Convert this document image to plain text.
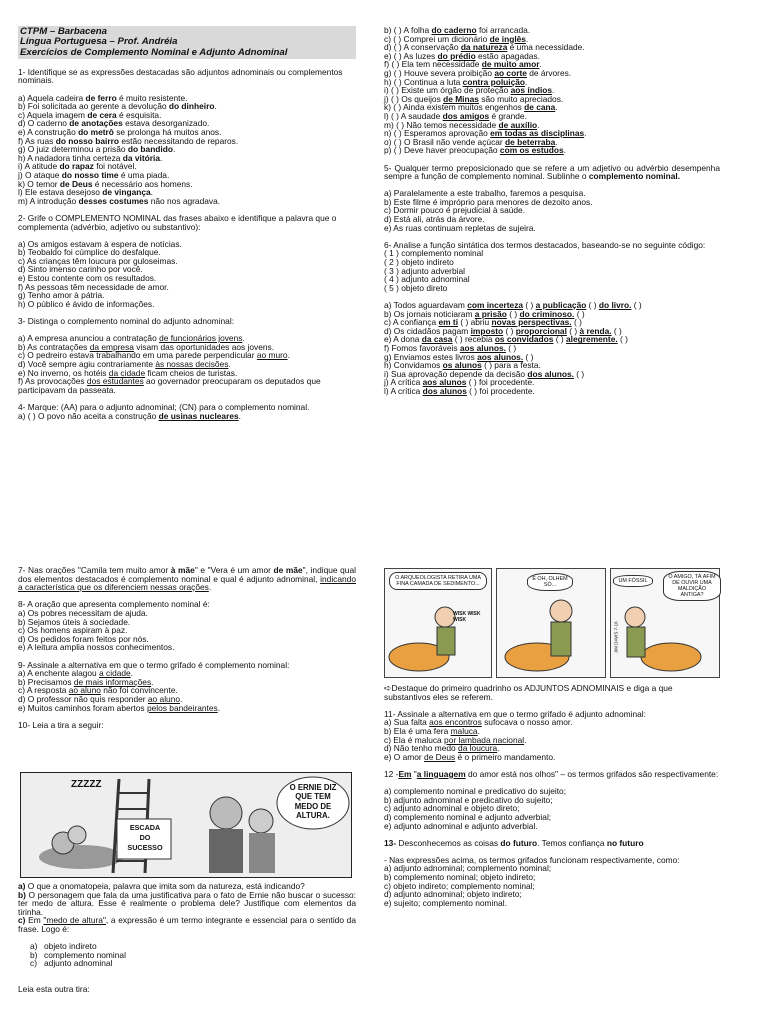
CTPM – Barbacena
Língua Portuguesa – Prof. Andréia
Exercícios de Complemento Nominal e Adjunto Adnominal

1- Identifique se as expressões destacadas são adjuntos adnominais ou complementos nominais.

a) Aquela cadeira de ferro é muito resistente.
b) Foi solicitada ao gerente a devolução do dinheiro.
c) Aquela imagem de cera é esquisita.
d) O caderno de anotações estava desorganizado.
e) A construção do metrô se prolonga há muitos anos.
f) As ruas do nosso bairro estão necessitando de reparos.
g) O juiz determinou a prisão do bandido.
h) A nadadora tinha certeza da vitória.
i) A atitude do rapaz foi notável.
j) O ataque do nosso time é uma piada.
k) O temor de Deus é necessário aos homens.
l) Ele estava desejoso de vingança.
m) A introdução desses costumes não nos agradava.

2- Grife o COMPLEMENTO NOMINAL das frases abaixo e identifique a palavra que o complementa (advérbio, adjetivo ou substantivo):

a) Os amigos estavam à espera de notícias.
b) Teobaldo foi cúmplice do desfalque.
c) As crianças têm loucura por guloseimas.
d) Sinto imenso carinho por você.
e) Estou contente com os resultados.
f) As pessoas têm necessidade de amor.
g) Tenho amor à pátria.
h) O público é ávido de informações.

3- Distinga o complemento nominal do adjunto adnominal:

a) A empresa anunciou a contratação de funcionários jovens.
b) As contratações da empresa visam das oportunidades aos jovens.
c) O pedreiro estava trabalhando em uma parede perpendicular ao muro.
d) Você sempre agiu contrariamente às nossas decisões.
e) No inverno, os hotéis da cidade ficam cheios de turistas.
f) As provocações dos estudantes ao governador preocuparam os deputados que participavam da passeata.

4- Marque: (AA) para o adjunto adnominal; (CN) para o complemento nominal.

a) ( ) O povo não aceita a construção de usinas nucleares.
b) ( ) A folha do caderno foi arrancada.
c) ( ) Comprei um dicionário de inglês.
d) ( ) A conservação da natureza é uma necessidade.
e) ( ) As luzes do prédio estão apagadas.
f) ( ) Ela tem necessidade de muito amor.
g) ( ) Houve severa proibição ao corte de árvores.
h) ( ) Continua a luta contra poluição.
i) ( ) Existe um órgão de proteção aos índios.
j) ( ) Os queijos de Minas são muito apreciados.
k) ( ) Ainda existem muitos engenhos de cana.
l) ( ) A saudade dos amigos é grande.
m) ( ) Não temos necessidade de auxílio.
n) ( ) Esperamos aprovação em todas as disciplinas.
o) ( ) O Brasil não vende açúcar de beterraba.
p) ( ) Deve haver preocupação com os estudos.

5- Qualquer termo preposicionado que se refere a um adjetivo ou advérbio desempenha sempre a função de complemento nominal. Sublinhe o complemento nominal.

a) Paralelamente a este trabalho, faremos a pesquisa.
b) Este filme é impróprio para menores de dezoito anos.
c) Dormir pouco é prejudicial à saúde.
d) Está ali, atrás da árvore.
e) As ruas continuam repletas de sujeira.

6- Analise a função sintática dos termos destacados, baseando-se no seguinte código:

( 1 ) complemento nominal
( 2 ) objeto indireto
( 3 ) adjunto adverbial
( 4 ) adjunto adnominal
( 5 ) objeto direto
a) Todos aguardavam com incerteza ( ) a publicação ( ) do livro. ( )
b) Os jornais noticiaram a prisão ( ) do criminoso. ( )
c) A confiança em ti ( ) abriu novas perspectivas. ( )
d) Os cidadãos pagam imposto ( ) proporcional ( ) à renda. ( )
e) A dona da casa ( ) recebia os convidados ( ) alegremente. ( )
f) Fomos favoráveis aos alunos. ( )
g) Enviamos estes livros aos alunos. ( )
h) Convidamos os alunos ( ) para a festa.
i) Sua aprovação depende da decisão dos alunos. ( )
j) A crítica aos alunos ( ) foi procedente.
l) A crítica dos alunos ( ) foi procedente.

7- Nas orações "Camila tem muito amor à mãe" e "Vera é um amor de mãe", indique qual dos elementos destacados é complemento nominal e qual é adjunto adnominal, indicando a característica que os diferenciem nessas orações.

8- A oração que apresenta complemento nominal é:

a) Os pobres necessitam de ajuda.
b) Sejamos úteis à sociedade.
c) Os homens aspiram à paz.
d) Os pedidos foram feitos por nós.
e) A leitura amplia nossos conhecimentos.

9- Assinale a alternativa em que o termo grifado é complemento nominal:

a) A enchente alagou a cidade.
b) Precisamos de mais informações.
c) A resposta ao aluno não foi convincente.
d) O professor não quis responder ao aluno.
e) Muitos caminhos foram abertos pelos bandeirantes.

10- Leia a tira a seguir:

ZZZZZ
ESCADA
DO
SUCESSO
O ERNIE DIZ
QUE TEM
MEDO DE
ALTURA.

a) O que a onomatopeia, palavra que imita som da natureza, está indicando?

b) O personagem que fala da uma justificativa para o fato de Ernie não buscar o sucesso: ter medo de altura. Esse é realmente o problema dele? Justifique com elementos da tirinha.

c) Em "medo de altura", a expressão é um termo integrante e essencial para o sentido da frase. Logo é:

a) objeto indireto
b) complemento nominal
c) adjunto adnominal

Leia esta outra tira:

O ARQUEOLOGISTA RETIRA UMA FINA CAMADA DE SEDIMENTO...
WISK WISK WISK
E OH, OLHEM SÓ...
UM FÓSSIL
Ó AMIGO, TÁ AFIM DE OUVIR UMA MALDIÇÃO ANTIGA?
JIM DAVIS 7-16

➪Destaque do primeiro quadrinho os ADJUNTOS ADNOMINAIS e diga a que substantivos eles se referem.

11- Assinale a alternativa em que o termo grifado é adjunto adnominal:

a) Sua falta aos encontros sufocava o nosso amor.
b) Ela é uma fera maluca.
c) Ela é maluca por lambada nacional.
d) Não tenho medo da loucura.
e) O amor de Deus é o primeiro mandamento.

12 -Em "a linguagem do amor está nos olhos" – os termos grifados são respectivamente:

a) complemento nominal e predicativo do sujeito;
b) adjunto adnominal e predicativo do sujeito;
c) adjunto adnominal e objeto direto;
d) complemento nominal e adjunto adverbial;
e) adjunto adnominal e adjunto adverbial.

13- Desconhecemos as coisas do futuro. Temos confiança no futuro

- Nas expressões acima, os termos grifados funcionam respectivamente, como:

a) adjunto adnominal; complemento nominal;
b) complemento nominal; objeto indireto;
c) objeto indireto; complemento nominal;
d) adjunto adnominal; objeto indireto;
e) sujeito; complemento nominal.
